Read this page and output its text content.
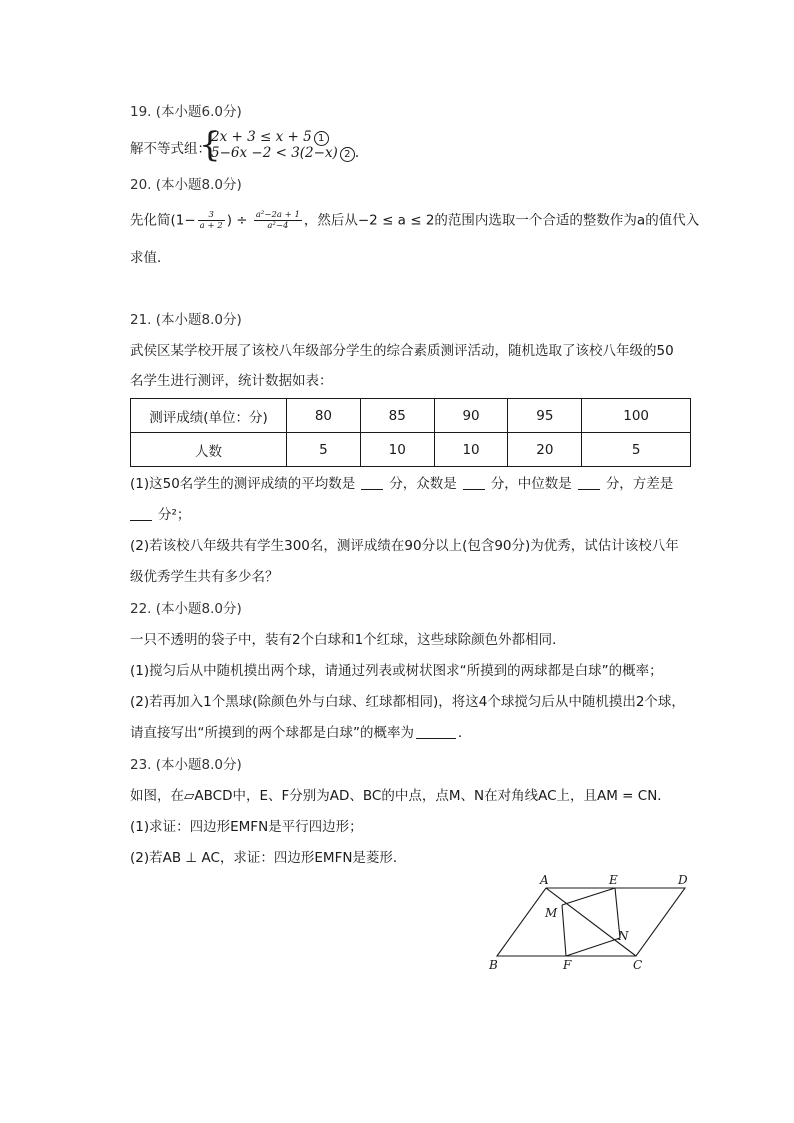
19. (本小题6.0分)
解不等式组：
{
2x + 3 ≤ x + 5 1
5−6x −2 < 3(2−x) 2 .
20. (本小题8.0分)
先化简($1- \frac{3}{a + 2}$ ) ÷ $\frac{\text{a²−2a + 1}}{\text{a²−4}}$ ，然后从−2 ≤ a ≤ 2的范围内选取一个合适的整数作为a的值代入
求值．
21. (本小题8.0分)
武侯区某学校开展了该校八年级部分学生的综合素质测评活动，随机选取了该校八年级的50
名学生进行测评，统计数据如表：
测评成绩(单位：分)	80	85	90	95	100
人数	5	10	10	20	5
(1)这50名学生的测评成绩的平均数是	分，众数是	分，中位数是	分，方差是
分²；
(2)若该校八年级共有学生300名，测评成绩在90分以上(包含90分)为优秀，试估计该校八年
级优秀学生共有多少名？
22. (本小题8.0分)
一只不透明的袋子中，装有2个白球和1个红球，这些球除颜色外都相同．
(1)搅匀后从中随机摸出两个球，请通过列表或树状图求“所摸到的两球都是白球”的概率；
(2)若再加入1个黑球(除颜色外与白球、红球都相同)，将这4个球搅匀后从中随机摸出2个球，
请直接写出“所摸到的两个球都是白球”的概率为	．
23. (本小题8.0分)
如图，在▱ABCD中，E、F分别为AD、BC的中点，点M、N在对角线AC上，且AM = CN．
(1)求证：四边形EMFN是平行四边形；
(2)若AB ⊥ AC，求证：四边形EMFN是菱形．
A	E	D
M
N
B	F	C
